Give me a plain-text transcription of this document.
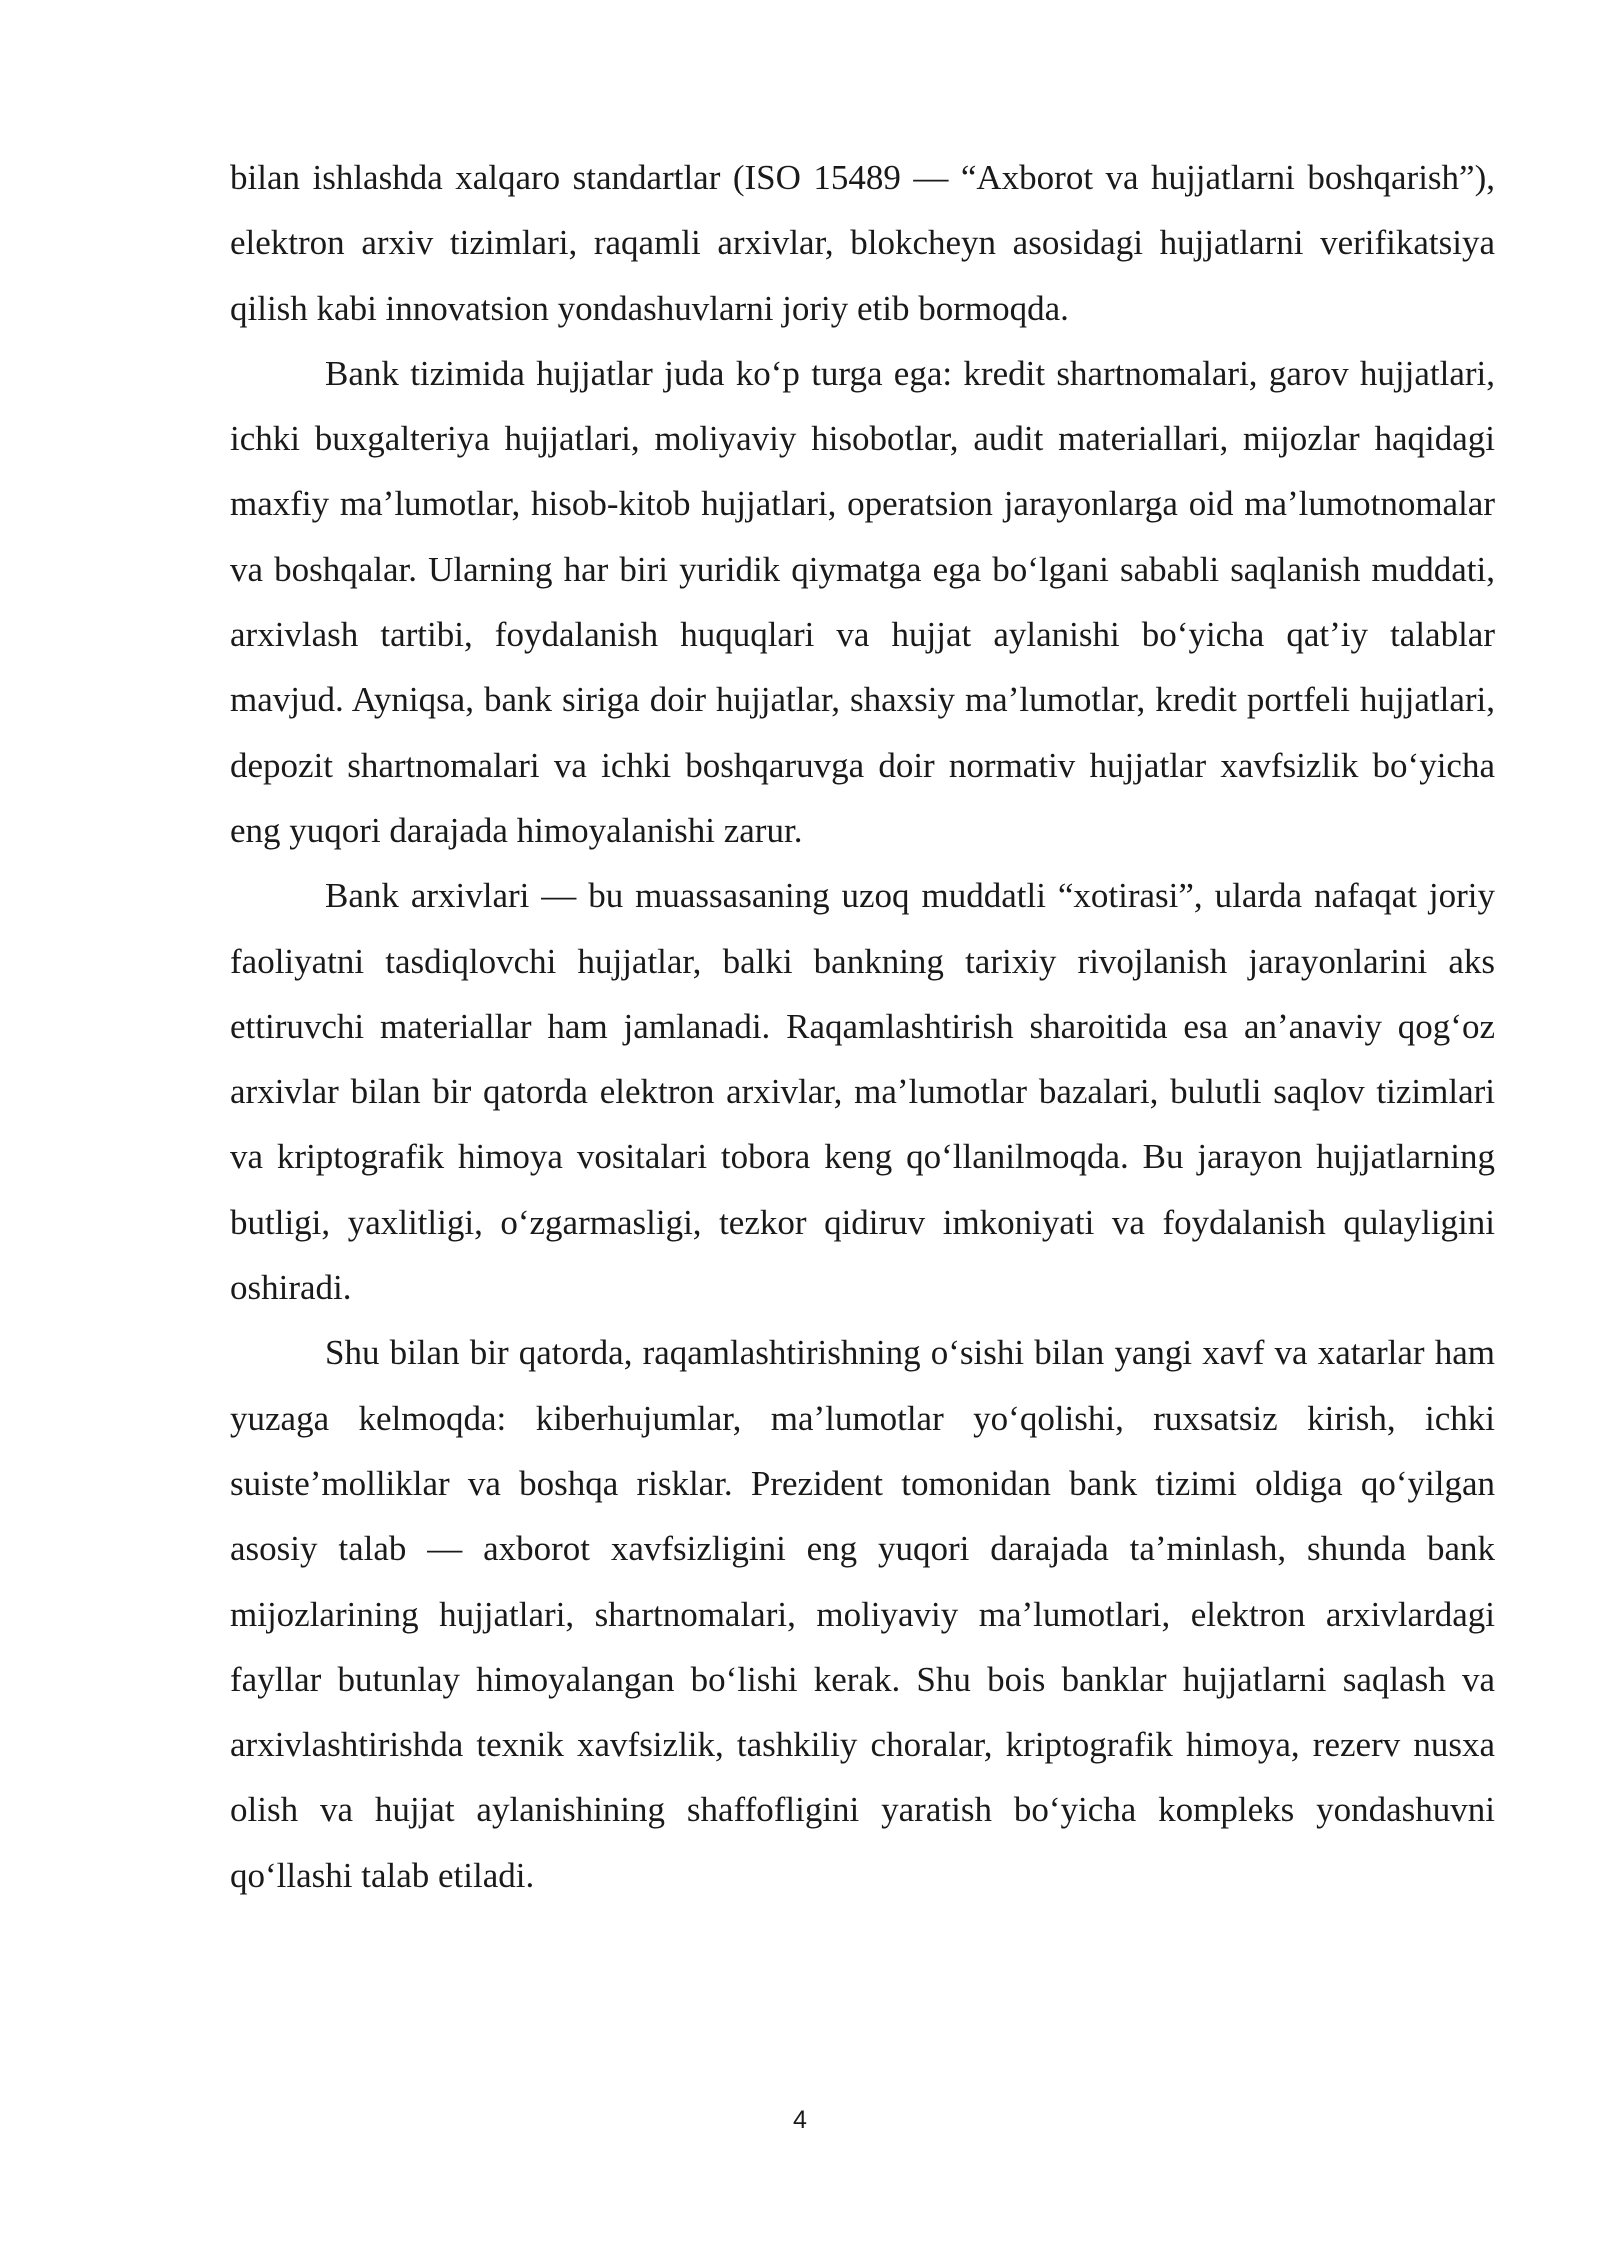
bilan ishlashda xalqaro standartlar (ISO 15489 — “Axborot va hujjatlarni boshqarish”), elektron arxiv tizimlari, raqamli arxivlar, blokcheyn asosidagi hujjatlarni verifikatsiya qilish kabi innovatsion yondashuvlarni joriy etib bormoqda.

Bank tizimida hujjatlar juda koʻp turga ega: kredit shartnomalari, garov hujjatlari, ichki buxgalteriya hujjatlari, moliyaviy hisobotlar, audit materiallari, mijozlar haqidagi maxfiy maʼlumotlar, hisob-kitob hujjatlari, operatsion jarayonlarga oid maʼlumotnomalar va boshqalar. Ularning har biri yuridik qiymatga ega boʻlgani sababli saqlanish muddati, arxivlash tartibi, foydalanish huquqlari va hujjat aylanishi boʻyicha qatʼiy talablar mavjud. Ayniqsa, bank siriga doir hujjatlar, shaxsiy maʼlumotlar, kredit portfeli hujjatlari, depozit shartnomalari va ichki boshqaruvga doir normativ hujjatlar xavfsizlik boʻyicha eng yuqori darajada himoyalanishi zarur.

Bank arxivlari — bu muassasaning uzoq muddatli “xotirasi”, ularda nafaqat joriy faoliyatni tasdiqlovchi hujjatlar, balki bankning tarixiy rivojlanish jarayonlarini aks ettiruvchi materiallar ham jamlanadi. Raqamlashtirish sharoitida esa anʼanaviy qogʻoz arxivlar bilan bir qatorda elektron arxivlar, maʼlumotlar bazalari, bulutli saqlov tizimlari va kriptografik himoya vositalari tobora keng qoʻllanilmoqda. Bu jarayon hujjatlarning butligi, yaxlitligi, oʻzgarmasligi, tezkor qidiruv imkoniyati va foydalanish qulayligini oshiradi.

Shu bilan bir qatorda, raqamlashtirishning oʻsishi bilan yangi xavf va xatarlar ham yuzaga kelmoqda: kiberhujumlar, maʼlumotlar yoʻqolishi, ruxsatsiz kirish, ichki suisteʼmolliklar va boshqa risklar. Prezident tomonidan bank tizimi oldiga qoʻyilgan asosiy talab — axborot xavfsizligini eng yuqori darajada taʼminlash, shunda bank mijozlarining hujjatlari, shartnomalari, moliyaviy maʼlumotlari, elektron arxivlardagi fayllar butunlay himoyalangan boʻlishi kerak. Shu bois banklar hujjatlarni saqlash va arxivlashtirishda texnik xavfsizlik, tashkiliy choralar, kriptografik himoya, rezerv nusxa olish va hujjat aylanishining shaffofligini yaratish boʻyicha kompleks yondashuvni qoʻllashi talab etiladi.

4
